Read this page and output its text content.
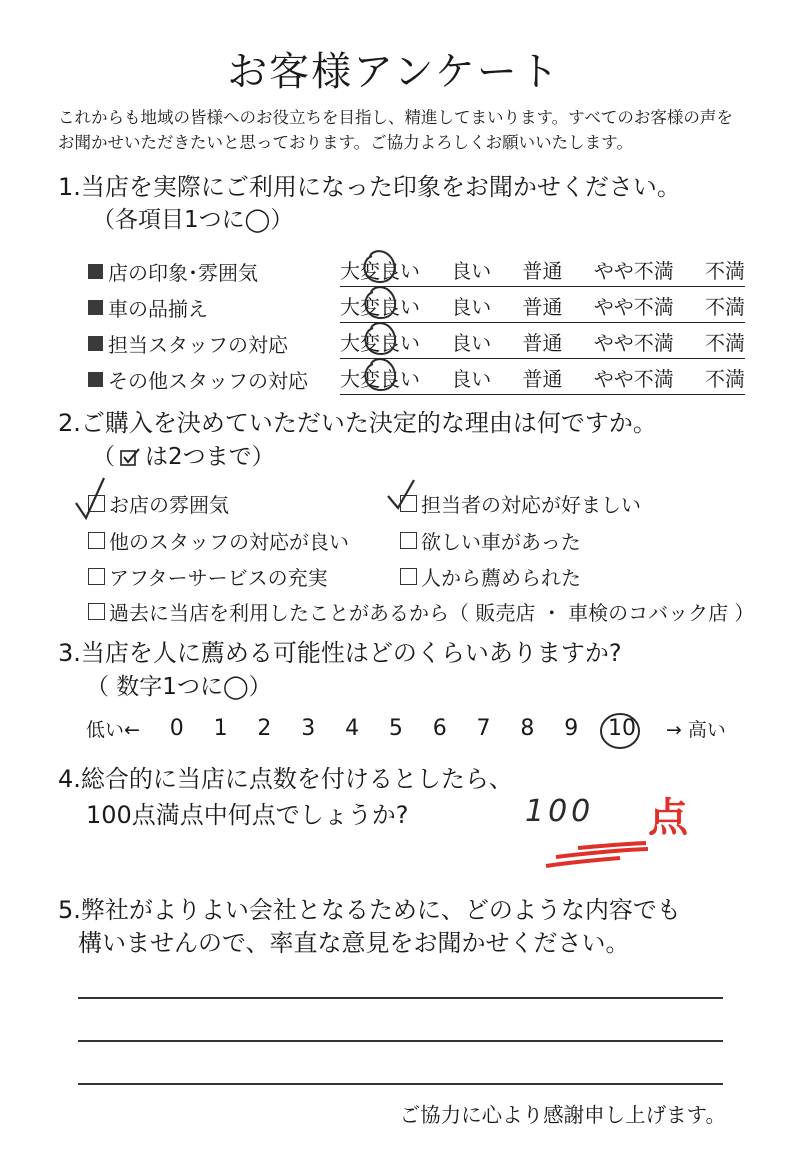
お客様アンケート
これからも地域の皆様へのお役立ちを目指し、精進してまいります。すべてのお客様の声を
お聞かせいただきたいと思っております。ご協力よろしくお願いいたします。
1.当店を実際にご利用になった印象をお聞かせください。
（各項目1つに◯）
店の印象･雰囲気	大変良い 良い 普通 やや不満 不満
車の品揃え	大変良い 良い 普通 やや不満 不満
担当スタッフの対応	大変良い 良い 普通 やや不満 不満
その他スタッフの対応 大変良い 良い 普通 やや不満 不満
2.ご購入を決めていただいた決定的な理由は何ですか。
（ は2つまで）
お店の雰囲気	担当者の対応が好ましい
他のスタッフの対応が良い	欲しい車があった
アフターサービスの充実	人から薦められた
過去に当店を利用したことがあるから（ 販売店 ・ 車検のコバック店 ）
3.当店を人に薦める可能性はどのくらいありますか?
（ 数字1つに◯）
低い← 0 1 2 3 4 5 6 7 8 9 10 → 高い
4.総合的に当店に点数を付けるとしたら、
100点満点中何点でしょうか?	100 点
5.弊社がよりよい会社となるために、どのような内容でも
構いませんので、率直な意見をお聞かせください。
ご協力に心より感謝申し上げます。
